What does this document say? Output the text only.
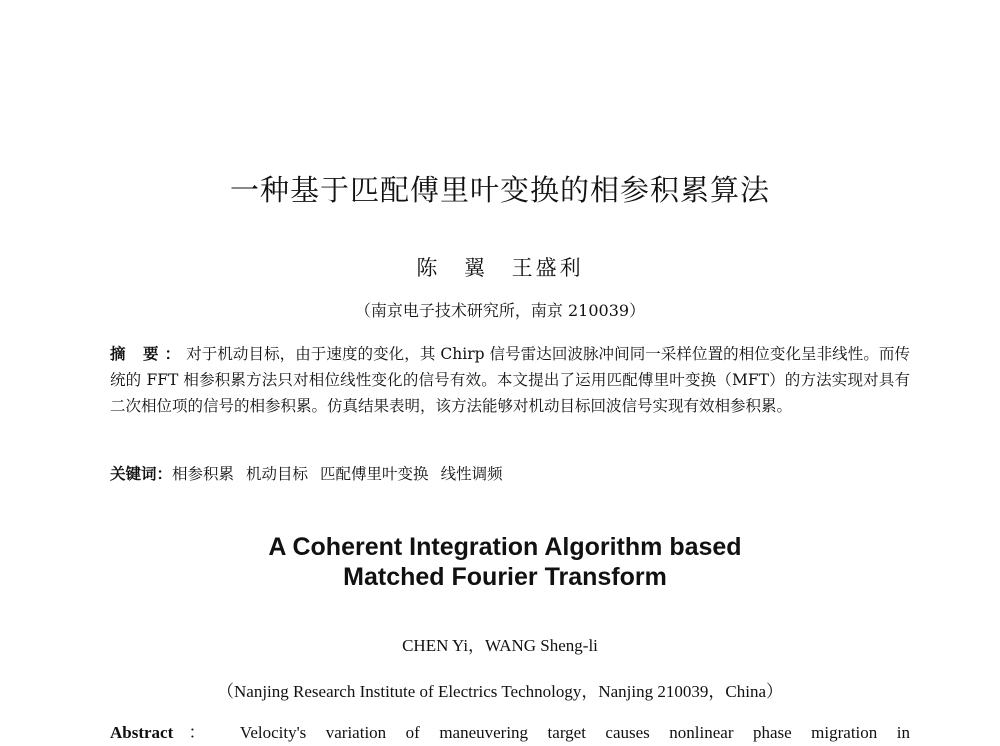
一种基于匹配傅里叶变换的相参积累算法
陈 翼 王盛利
（南京电子技术研究所，南京 210039）

摘 要：对于机动目标，由于速度的变化，其 Chirp 信号雷达回波脉冲间同一采样位置的相位变化呈非线性。而传统的 FFT 相参积累方法只对相位线性变化的信号有效。本文提出了运用匹配傅里叶变换（MFT）的方法实现对具有二次相位项的信号的相参积累。仿真结果表明，该方法能够对机动目标回波信号实现有效相参积累。

关键词：相参积累 机动目标 匹配傅里叶变换 线性调频

A Coherent Integration Algorithm based
Matched Fourier Transform
CHEN Yi，WANG Sheng-li
（Nanjing Research Institute of Electrics Technology，Nanjing 210039，China）

Abstract： Velocity's variation of maneuvering target causes nonlinear phase migration in
